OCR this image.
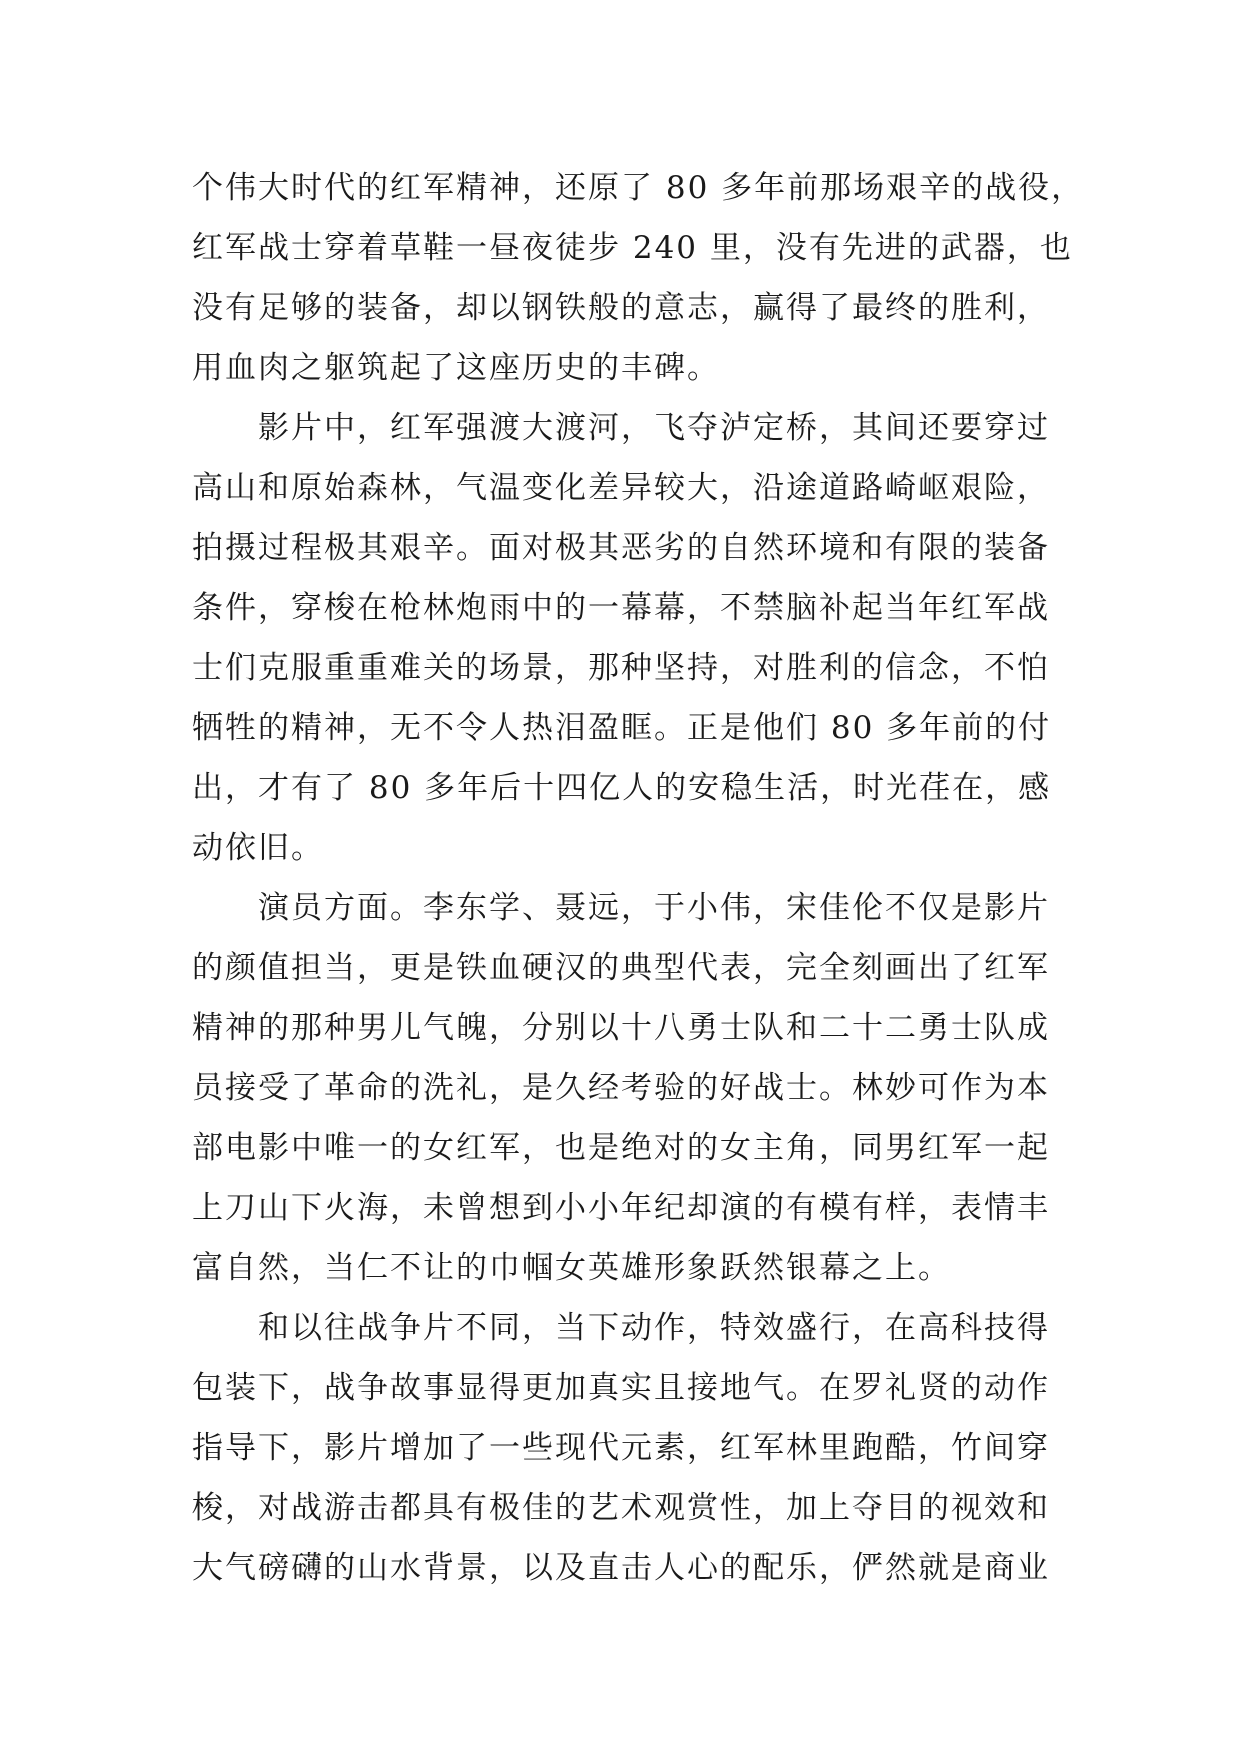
个伟大时代的红军精神，还原了 80 多年前那场艰辛的战役，
红军战士穿着草鞋一昼夜徒步 240 里，没有先进的武器，也
没有足够的装备，却以钢铁般的意志，赢得了最终的胜利，
用血肉之躯筑起了这座历史的丰碑。
　　影片中，红军强渡大渡河，飞夺泸定桥，其间还要穿过
高山和原始森林，气温变化差异较大，沿途道路崎岖艰险，
拍摄过程极其艰辛。面对极其恶劣的自然环境和有限的装备
条件，穿梭在枪林炮雨中的一幕幕，不禁脑补起当年红军战
士们克服重重难关的场景，那种坚持，对胜利的信念，不怕
牺牲的精神，无不令人热泪盈眶。正是他们 80 多年前的付
出，才有了 80 多年后十四亿人的安稳生活，时光荏在，感
动依旧。
　　演员方面。李东学、聂远，于小伟，宋佳伦不仅是影片
的颜值担当，更是铁血硬汉的典型代表，完全刻画出了红军
精神的那种男儿气魄，分别以十八勇士队和二十二勇士队成
员接受了革命的洗礼，是久经考验的好战士。林妙可作为本
部电影中唯一的女红军，也是绝对的女主角，同男红军一起
上刀山下火海，未曾想到小小年纪却演的有模有样，表情丰
富自然，当仁不让的巾帼女英雄形象跃然银幕之上。
　　和以往战争片不同，当下动作，特效盛行，在高科技得
包装下，战争故事显得更加真实且接地气。在罗礼贤的动作
指导下，影片增加了一些现代元素，红军林里跑酷，竹间穿
梭，对战游击都具有极佳的艺术观赏性，加上夺目的视效和
大气磅礴的山水背景，以及直击人心的配乐，俨然就是商业
